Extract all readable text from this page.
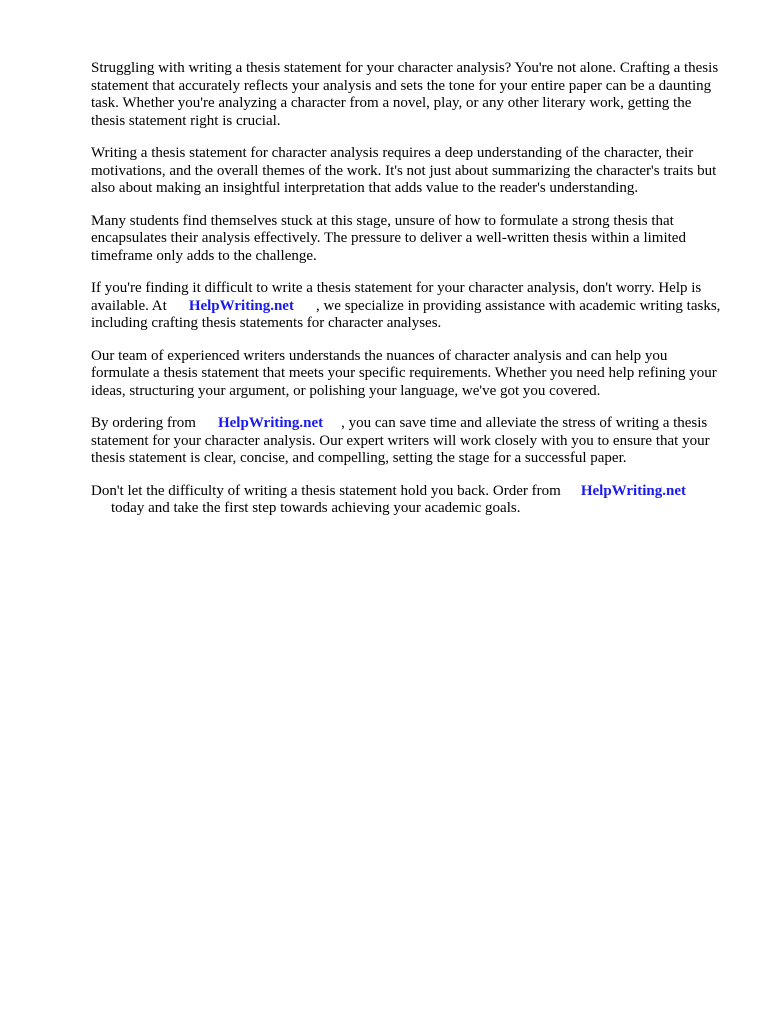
Struggling with writing a thesis statement for your character analysis? You're not alone. Crafting a thesis statement that accurately reflects your analysis and sets the tone for your entire paper can be a daunting task. Whether you're analyzing a character from a novel, play, or any other literary work, getting the thesis statement right is crucial.

Writing a thesis statement for character analysis requires a deep understanding of the character, their motivations, and the overall themes of the work. It's not just about summarizing the character's traits but also about making an insightful interpretation that adds value to the reader's understanding.

Many students find themselves stuck at this stage, unsure of how to formulate a strong thesis that encapsulates their analysis effectively. The pressure to deliver a well-written thesis within a limited timeframe only adds to the challenge.

If you're finding it difficult to write a thesis statement for your character analysis, don't worry. Help is available. At HelpWriting.net , we specialize in providing assistance with academic writing tasks, including crafting thesis statements for character analyses.

Our team of experienced writers understands the nuances of character analysis and can help you formulate a thesis statement that meets your specific requirements. Whether you need help refining your ideas, structuring your argument, or polishing your language, we've got you covered.

By ordering from HelpWriting.net , you can save time and alleviate the stress of writing a thesis statement for your character analysis. Our expert writers will work closely with you to ensure that your thesis statement is clear, concise, and compelling, setting the stage for a successful paper.

Don't let the difficulty of writing a thesis statement hold you back. Order from HelpWriting.net
today and take the first step towards achieving your academic goals.
